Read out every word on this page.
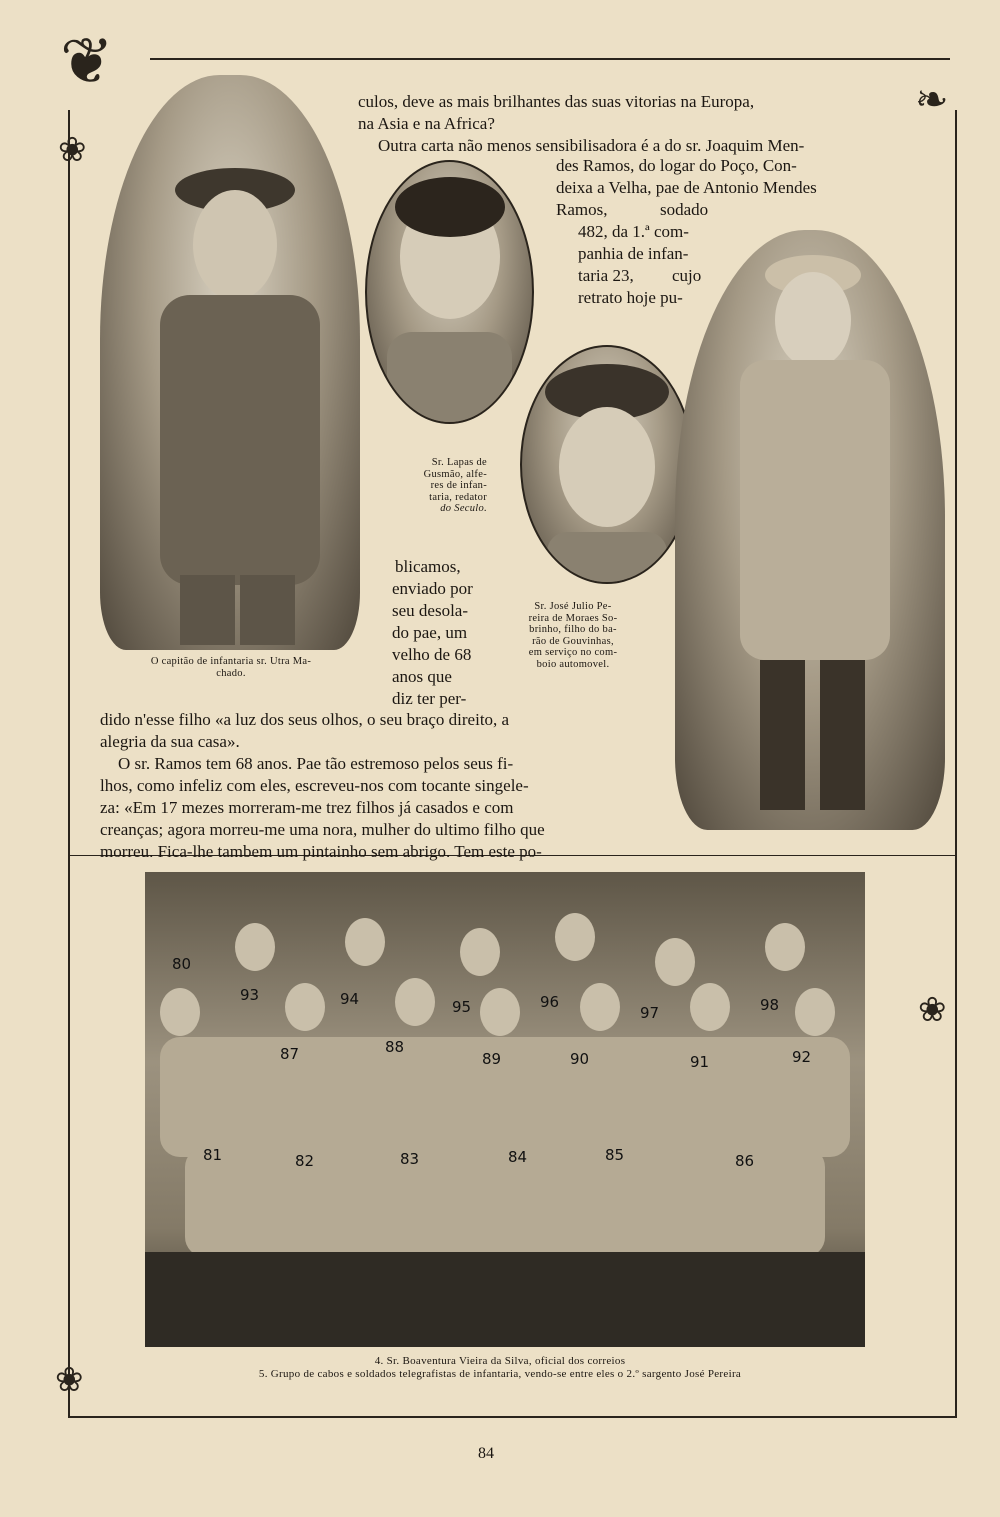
❦
❧
❀
❀
❀
80
93	94	95	96
97	98
87	88
89	90	91	92
81	82	83	84	85	86
culos, deve as mais brilhantes das suas vitorias na Europa,
na Asia e na Africa?
Outra carta não menos sensibilisadora é a do sr. Joaquim Men-
des Ramos, do logar do Poço, Con-
deixa a Velha, pae de Antonio Mendes
Ramos,	sodado
482, da 1.ª com-
panhia de infan-
taria 23, cujo
retrato hoje pu-
blicamos,
enviado por
seu desola-
do pae, um
velho de 68
anos que
diz ter per-
dido n'esse filho «a luz dos seus olhos, o seu braço direito, a
alegria da sua casa».
O sr. Ramos tem 68 anos. Pae tão estremoso pelos seus fi-
lhos, como infeliz com eles, escreveu-nos com tocante singele-
za: «Em 17 mezes morreram-me trez filhos já casados e com
creanças; agora morreu-me uma nora, mulher do ultimo filho que
morreu. Fica-lhe tambem um pintainho sem abrigo. Tem este po-
O capitão de infantaria sr. Utra Ma-
chado.
Sr. Lapas de
Gusmão, alfe-
res de infan-
taria, redator
do Seculo.
Sr. José Julio Pe-
reira de Moraes So-
brinho, filho do ba-
rão de Gouvinhas,
em serviço no com-
boio automovel.
4. Sr. Boaventura Vieira da Silva, oficial dos correios
5. Grupo de cabos e soldados telegrafistas de infantaria, vendo-se entre eles o 2.º sargento José Pereira
84
